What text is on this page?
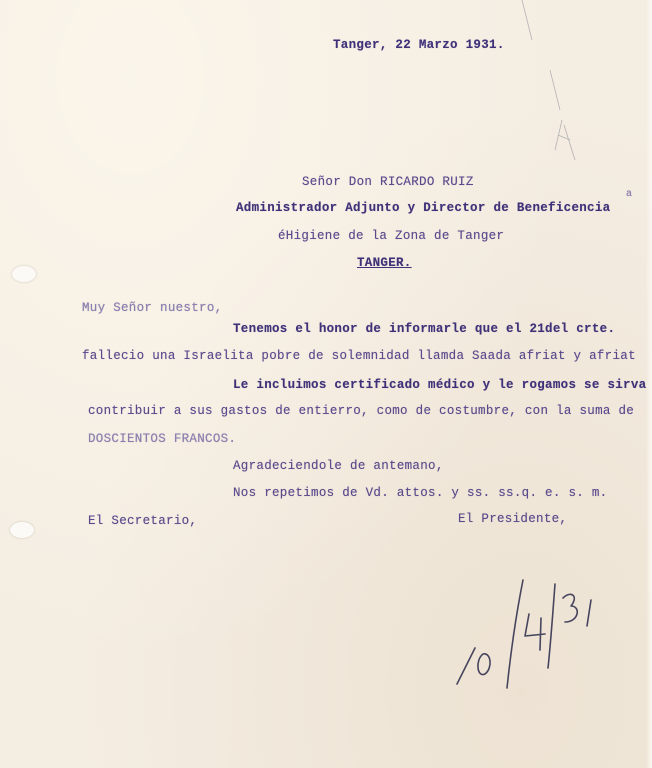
Tanger, 22 Marzo 1931.
Señor Don RICARDO RUIZ
Administrador Adjunto y Director de Beneficencia
a
éHigiene de la Zona de Tanger
TANGER.
Muy Señor nuestro,
Tenemos el honor de informarle que el 21del crte.
fallecio una Israelita pobre de solemnidad llamda Saada afriat y afriat
Le incluimos certificado médico y le rogamos se sirva
contribuir a sus gastos de entierro, como de costumbre, con la suma de
DOSCIENTOS FRANCOS.
Agradeciendole de antemano,
Nos repetimos de Vd. attos. y ss. ss.q. e. s. m.
El Secretario,	El Presidente,
